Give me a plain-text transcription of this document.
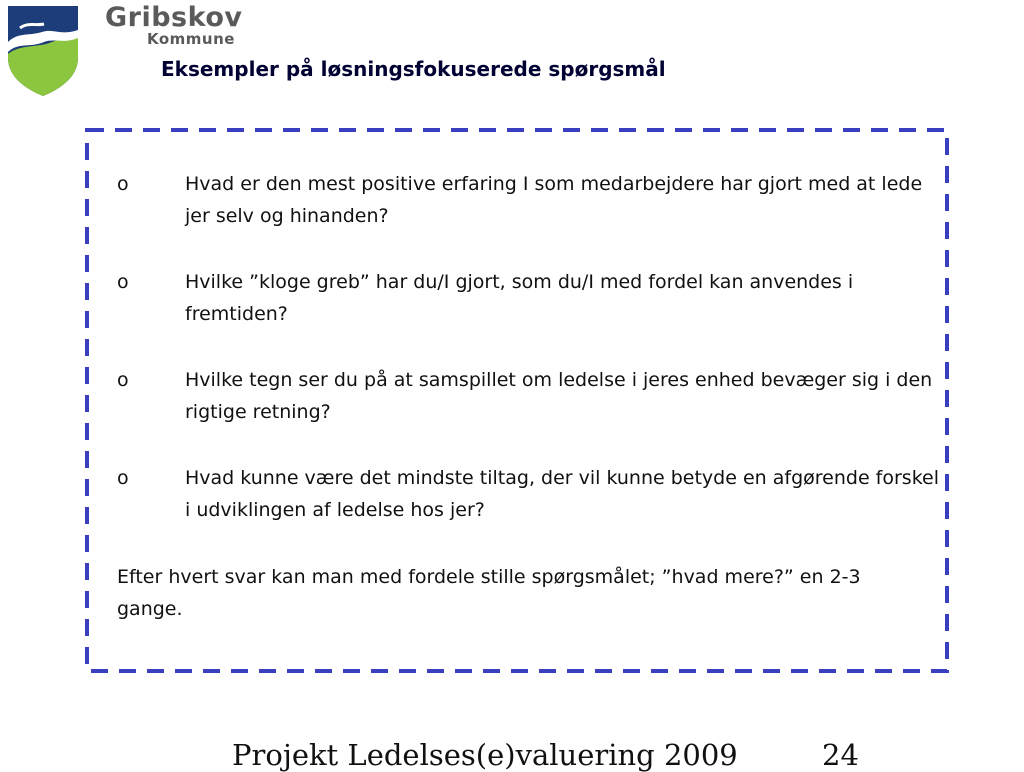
Gribskov
Kommune
Eksempler på løsningsfokuserede spørgsmål
o	Hvad er den mest positive erfaring I som medarbejdere har gjort med at lede jer selv og hinanden?
o	Hvilke ”kloge greb” har du/I gjort, som du/I med fordel kan anvendes i fremtiden?
o	Hvilke tegn ser du på at samspillet om ledelse i jeres enhed bevæger sig i den rigtige retning?
o	Hvad kunne være det mindste tiltag, der vil kunne betyde en afgørende forskel i udviklingen af ledelse hos jer?

Efter hvert svar kan man med fordele stille spørgsmålet; ”hvad mere?” en 2-3 gange.

Projekt Ledelses(e)valuering 2009	24
